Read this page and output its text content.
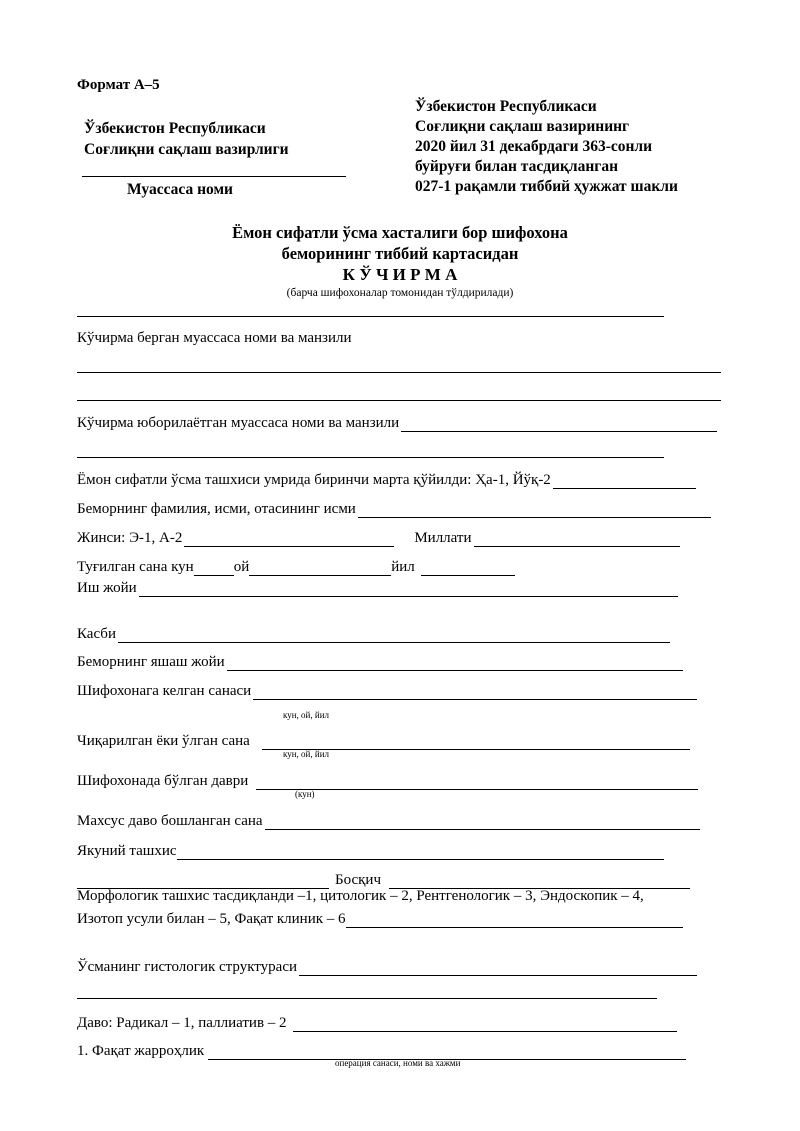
Формат А–5
Ўзбекистон Республикаси
Соғлиқни сақлаш вазирлиги
Муассаса номи
Ўзбекистон Республикаси
Соғлиқни сақлаш вазирининг
2020 йил 31 декабрдаги 363-сонли
буйруғи билан тасдиқланган
027-1 рақамли тиббий ҳужжат шакли
Ёмон сифатли ўсма хасталиги бор шифохона
беморининг тиббий картасидан
К Ў Ч И Р М А
(барча шифохоналар томонидан тўлдирилади)
Кўчирма берган муассаса номи ва манзили
Кўчирма юборилаётган муассаса номи ва манзили
Ёмон сифатли ўсма ташхиси умрида биринчи марта қўйилди: Ҳа-1, Йўқ-2
Беморнинг фамилия, исми, отасининг исми
Жинси: Э-1, А-2	Миллати
Туғилган сана кун	ой	йил
Иш жойи
Касби
Беморнинг яшаш жойи
Шифохонага келган санаси
кун, ой, йил
Чиқарилган ёки ўлган сана
кун, ой, йил
Шифохонада бўлган даври
(кун)
Махсус даво бошланган сана
Якуний ташхис
Босқич
Морфологик ташхис тасдиқланди –1, цитологик – 2, Рентгенологик – 3, Эндоскопик – 4,
Изотоп усули билан – 5, Фақат клиник – 6
Ўсманинг гистологик структураси
Даво: Радикал – 1, паллиатив – 2
1. Фақат жарроҳлик
операция санаси, номи ва хажми
